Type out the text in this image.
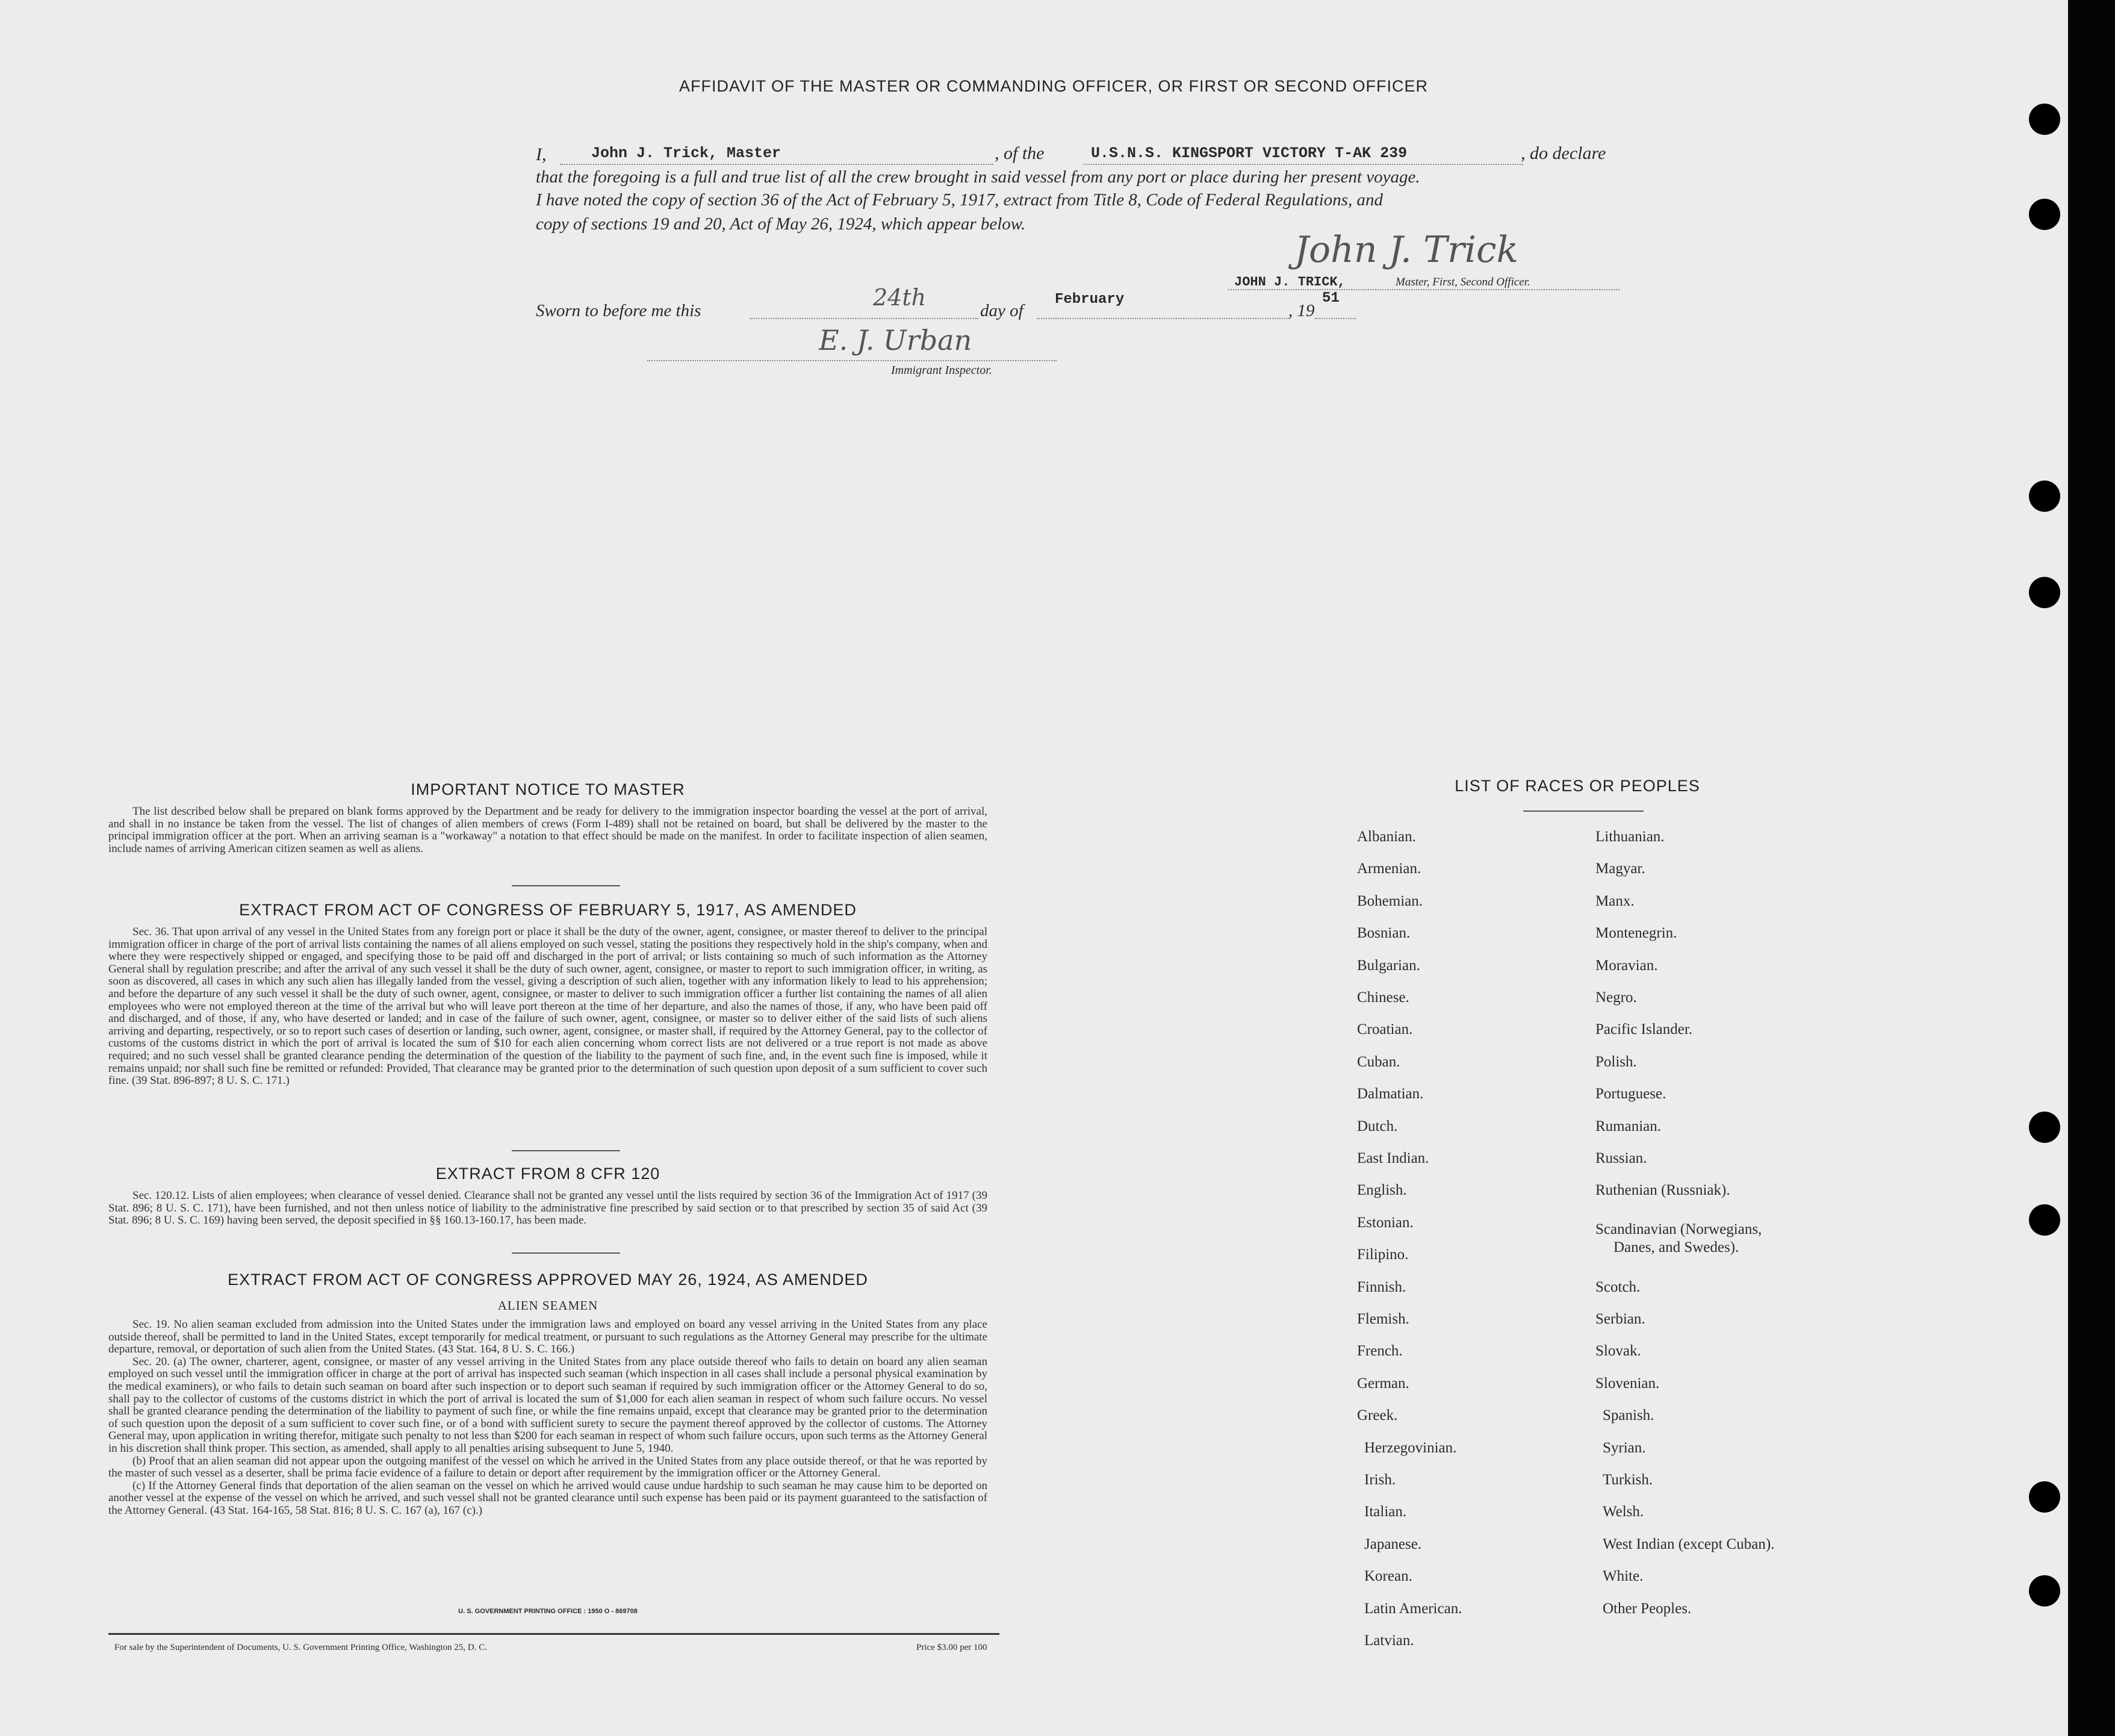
AFFIDAVIT OF THE MASTER OR COMMANDING OFFICER, OR FIRST OR SECOND OFFICER
I,	John J. Trick, Master	, of the	U.S.N.S. KINGSPORT VICTORY T-AK 239	, do declare
that the foregoing is a full and true list of all the crew brought in said vessel from any port or place during her present voyage.
I have noted the copy of section 36 of the Act of February 5, 1917, extract from Title 8, Code of Federal Regulations, and
copy of sections 19 and 20, Act of May 26, 1924, which appear below.
John J. Trick
JOHN J. TRICK,	Master, First, Second Officer.
Sworn to before me this	24th	day of
February
, 19
51
E. J. Urban
Immigrant Inspector.
IMPORTANT NOTICE TO MASTER

The list described below shall be prepared on blank forms approved by the Department and be ready for delivery to the immigration inspector boarding the vessel at the port of arrival, and shall in no instance be taken from the vessel. The list of changes of alien members of crews (Form I-489) shall not be retained on board, but shall be delivered by the master to the principal immigration officer at the port. When an arriving seaman is a "workaway" a notation to that effect should be made on the manifest. In order to facilitate inspection of alien seamen, include names of arriving American citizen seamen as well as aliens.

EXTRACT FROM ACT OF CONGRESS OF FEBRUARY 5, 1917, AS AMENDED

Sec. 36. That upon arrival of any vessel in the United States from any foreign port or place it shall be the duty of the owner, agent, consignee, or master thereof to deliver to the principal immigration officer in charge of the port of arrival lists containing the names of all aliens employed on such vessel, stating the positions they respectively hold in the ship's company, when and where they were respectively shipped or engaged, and specifying those to be paid off and discharged in the port of arrival; or lists containing so much of such information as the Attorney General shall by regulation prescribe; and after the arrival of any such vessel it shall be the duty of such owner, agent, consignee, or master to report to such immigration officer, in writing, as soon as discovered, all cases in which any such alien has illegally landed from the vessel, giving a description of such alien, together with any information likely to lead to his apprehension; and before the departure of any such vessel it shall be the duty of such owner, agent, consignee, or master to deliver to such immigration officer a further list containing the names of all alien employees who were not employed thereon at the time of the arrival but who will leave port thereon at the time of her departure, and also the names of those, if any, who have been paid off and discharged, and of those, if any, who have deserted or landed; and in case of the failure of such owner, agent, consignee, or master so to deliver either of the said lists of such aliens arriving and departing, respectively, or so to report such cases of desertion or landing, such owner, agent, consignee, or master shall, if required by the Attorney General, pay to the collector of customs of the customs district in which the port of arrival is located the sum of $10 for each alien concerning whom correct lists are not delivered or a true report is not made as above required; and no such vessel shall be granted clearance pending the determination of the question of the liability to the payment of such fine, and, in the event such fine is imposed, while it remains unpaid; nor shall such fine be remitted or refunded: Provided, That clearance may be granted prior to the determination of such question upon deposit of a sum sufficient to cover such fine. (39 Stat. 896-897; 8 U. S. C. 171.)

EXTRACT FROM 8 CFR 120

Sec. 120.12. Lists of alien employees; when clearance of vessel denied. Clearance shall not be granted any vessel until the lists required by section 36 of the Immigration Act of 1917 (39 Stat. 896; 8 U. S. C. 171), have been furnished, and not then unless notice of liability to the administrative fine prescribed by said section or to that prescribed by section 35 of said Act (39 Stat. 896; 8 U. S. C. 169) having been served, the deposit specified in §§ 160.13-160.17, has been made.

EXTRACT FROM ACT OF CONGRESS APPROVED MAY 26, 1924, AS AMENDED
ALIEN SEAMEN

Sec. 19. No alien seaman excluded from admission into the United States under the immigration laws and employed on board any vessel arriving in the United States from any place outside thereof, shall be permitted to land in the United States, except temporarily for medical treatment, or pursuant to such regulations as the Attorney General may prescribe for the ultimate departure, removal, or deportation of such alien from the United States. (43 Stat. 164, 8 U. S. C. 166.)

Sec. 20. (a) The owner, charterer, agent, consignee, or master of any vessel arriving in the United States from any place outside thereof who fails to detain on board any alien seaman employed on such vessel until the immigration officer in charge at the port of arrival has inspected such seaman (which inspection in all cases shall include a personal physical examination by the medical examiners), or who fails to detain such seaman on board after such inspection or to deport such seaman if required by such immigration officer or the Attorney General to do so, shall pay to the collector of customs of the customs district in which the port of arrival is located the sum of $1,000 for each alien seaman in respect of whom such failure occurs. No vessel shall be granted clearance pending the determination of the liability to payment of such fine, or while the fine remains unpaid, except that clearance may be granted prior to the determination of such question upon the deposit of a sum sufficient to cover such fine, or of a bond with sufficient surety to secure the payment thereof approved by the collector of customs. The Attorney General may, upon application in writing therefor, mitigate such penalty to not less than $200 for each seaman in respect of whom such failure occurs, upon such terms as the Attorney General in his discretion shall think proper. This section, as amended, shall apply to all penalties arising subsequent to June 5, 1940.

(b) Proof that an alien seaman did not appear upon the outgoing manifest of the vessel on which he arrived in the United States from any place outside thereof, or that he was reported by the master of such vessel as a deserter, shall be prima facie evidence of a failure to detain or deport after requirement by the immigration officer or the Attorney General.

(c) If the Attorney General finds that deportation of the alien seaman on the vessel on which he arrived would cause undue hardship to such seaman he may cause him to be deported on another vessel at the expense of the vessel on which he arrived, and such vessel shall not be granted clearance until such expense has been paid or its payment guaranteed to the satisfaction of the Attorney General. (43 Stat. 164-165, 58 Stat. 816; 8 U. S. C. 167 (a), 167 (c).)

U. S. GOVERNMENT PRINTING OFFICE : 1950 O - 869708
For sale by the Superintendent of Documents, U. S. Government Printing Office, Washington 25, D. C.	Price $3.00 per 100
LIST OF RACES OR PEOPLES
Albanian.
Armenian.
Bohemian.
Bosnian.
Bulgarian.
Chinese.
Croatian.
Cuban.
Dalmatian.
Dutch.
East Indian.
English.
Estonian.
Filipino.
Finnish.
Flemish.
French.
German.
Greek.
Herzegovinian.
Irish.
Italian.
Japanese.
Korean.
Latin American.
Latvian.
Lithuanian.
Magyar.
Manx.
Montenegrin.
Moravian.
Negro.
Pacific Islander.
Polish.
Portuguese.
Rumanian.
Russian.
Ruthenian (Russniak).
Scandinavian (Norwegians,
Danes, and Swedes).
Scotch.
Serbian.
Slovak.
Slovenian.
Spanish.
Syrian.
Turkish.
Welsh.
West Indian (except Cuban).
White.
Other Peoples.
